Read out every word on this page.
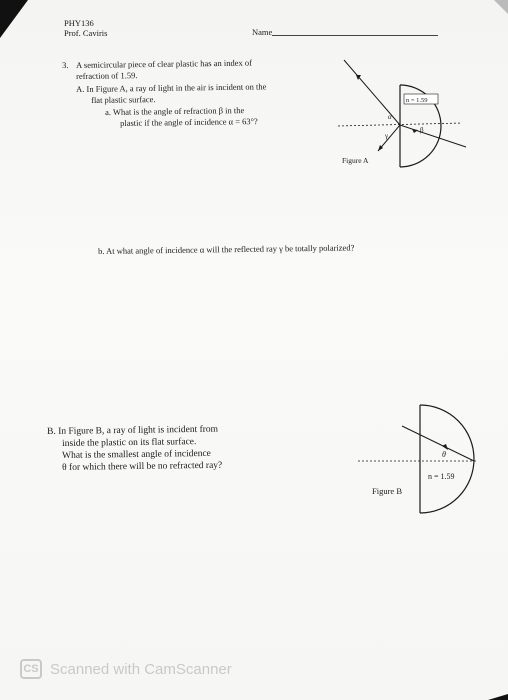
PHY136
Prof. Caviris	Name
3. A semicircular piece of clear plastic has an index of
refraction of 1.59.
A. In Figure A, a ray of light in the air is incident on the
flat plastic surface.
a. What is the angle of refraction β in the
plastic if the angle of incidence α = 63°?
n = 1.59
α
β
γ
Figure A
b. At what angle of incidence α will the reflected ray γ be totally polarized?
B. In Figure B, a ray of light is incident from
inside the plastic on its flat surface.
What is the smallest angle of incidence
θ for which there will be no refracted ray?
θ
n = 1.59
Figure B
CS Scanned with CamScanner
